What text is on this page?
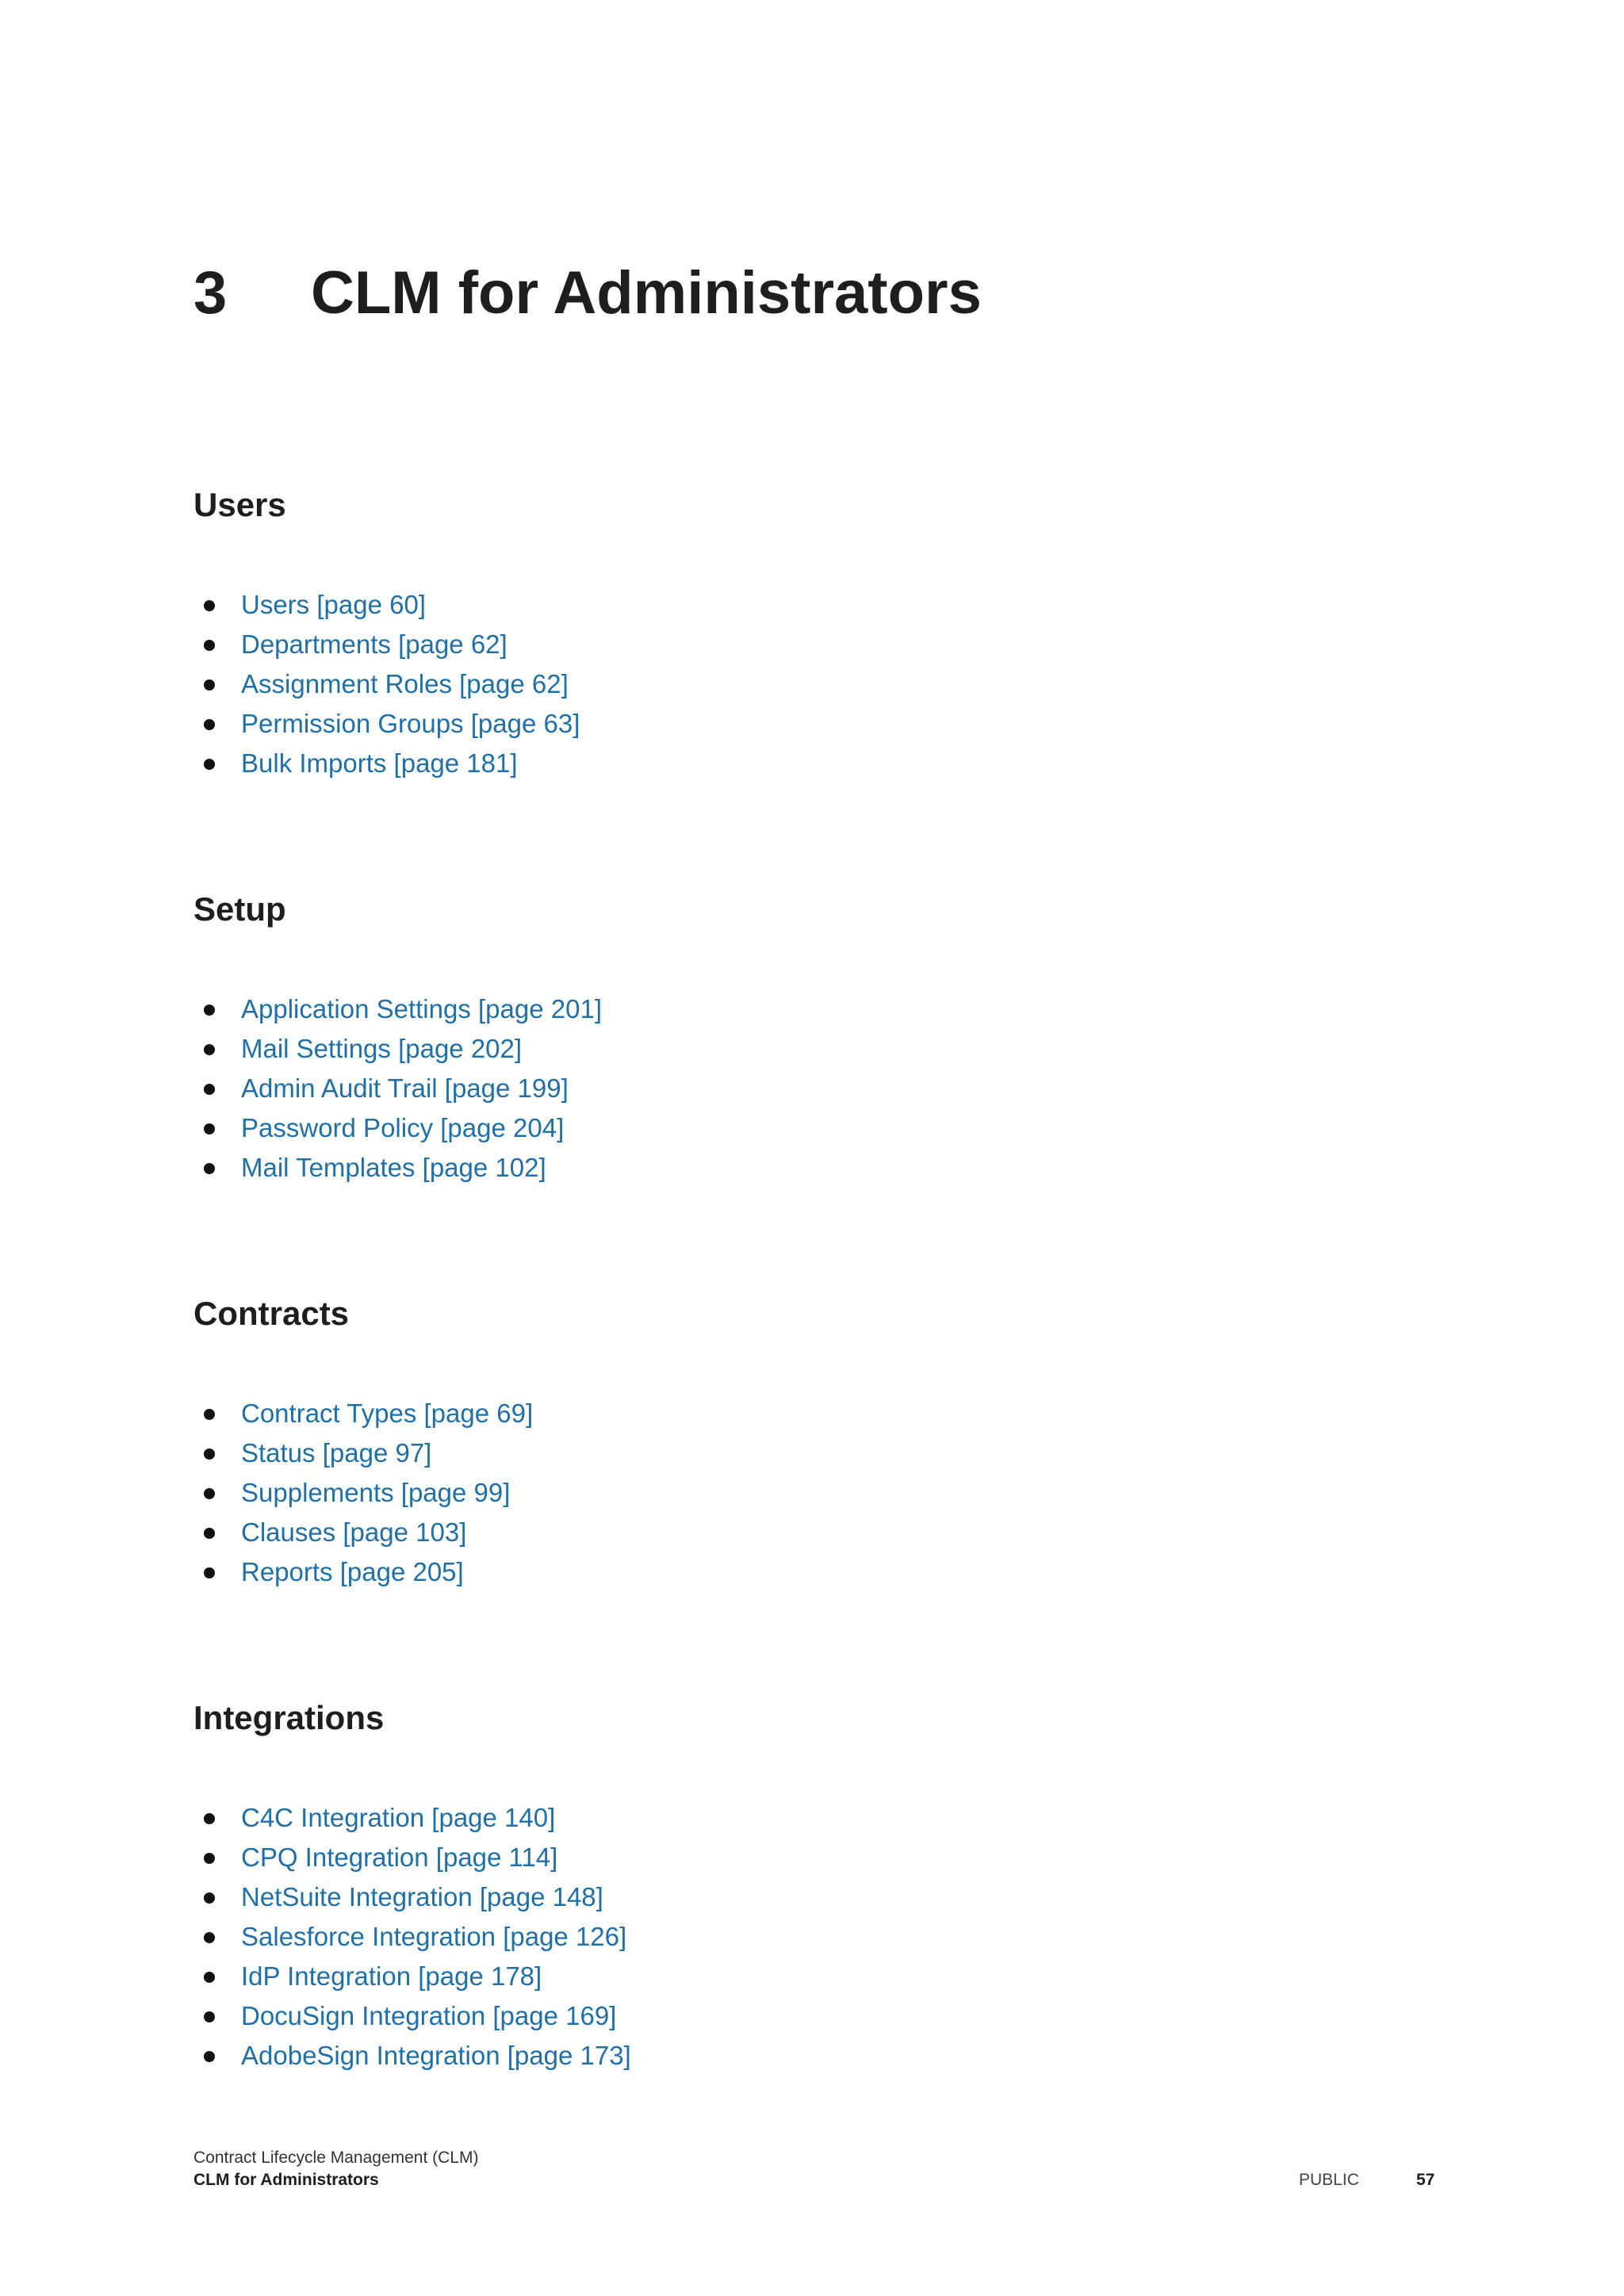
3 CLM for Administrators
Users
Users [page 60]
Departments [page 62]
Assignment Roles [page 62]
Permission Groups [page 63]
Bulk Imports [page 181]
Setup
Application Settings [page 201]
Mail Settings [page 202]
Admin Audit Trail [page 199]
Password Policy [page 204]
Mail Templates [page 102]
Contracts
Contract Types [page 69]
Status [page 97]
Supplements [page 99]
Clauses [page 103]
Reports [page 205]
Integrations
C4C Integration [page 140]
CPQ Integration [page 114]
NetSuite Integration [page 148]
Salesforce Integration [page 126]
IdP Integration [page 178]
DocuSign Integration [page 169]
AdobeSign Integration [page 173]
Contract Lifecycle Management (CLM)
CLM for Administrators	PUBLIC	57
